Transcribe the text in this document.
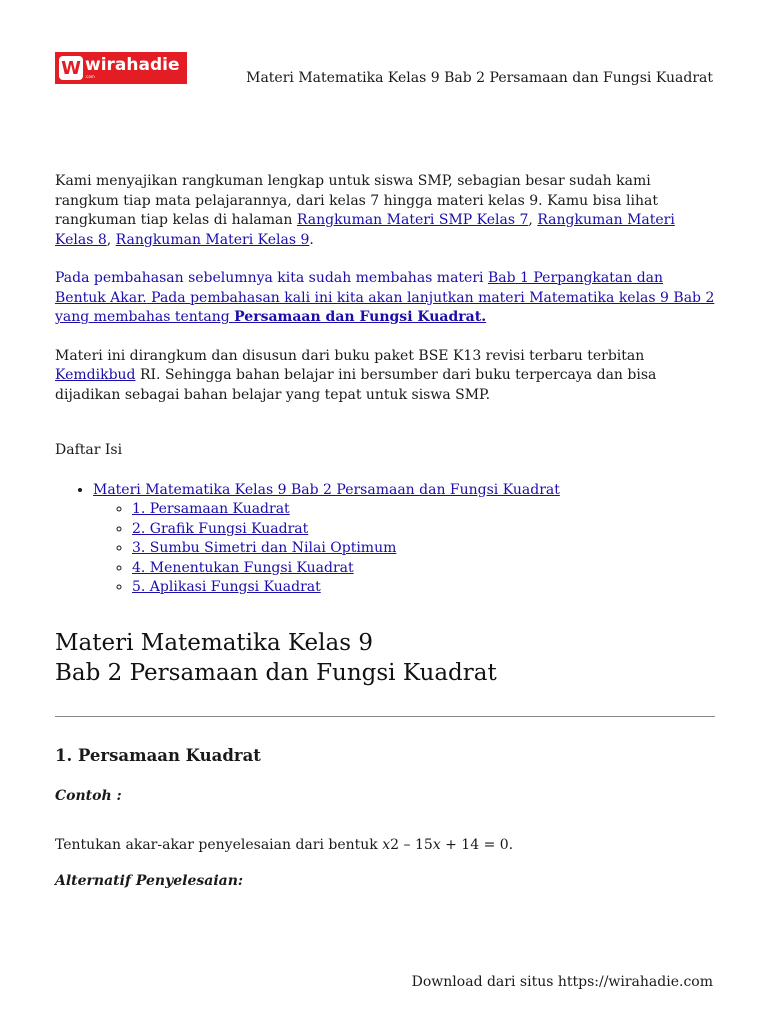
W wirahadie
.com	Materi Matematika Kelas 9 Bab 2 Persamaan dan Fungsi Kuadrat

Kami menyajikan rangkuman lengkap untuk siswa SMP, sebagian besar sudah kami rangkum tiap mata pelajarannya, dari kelas 7 hingga materi kelas 9. Kamu bisa lihat rangkuman tiap kelas di halaman Rangkuman Materi SMP Kelas 7, Rangkuman Materi Kelas 8, Rangkuman Materi Kelas 9.

Pada pembahasan sebelumnya kita sudah membahas materi Bab 1 Perpangkatan dan Bentuk Akar. Pada pembahasan kali ini kita akan lanjutkan materi Matematika kelas 9 Bab 2 yang membahas tentang Persamaan dan Fungsi Kuadrat.

Materi ini dirangkum dan disusun dari buku paket BSE K13 revisi terbaru terbitan Kemdikbud RI. Sehingga bahan belajar ini bersumber dari buku terpercaya dan bisa dijadikan sebagai bahan belajar yang tepat untuk siswa SMP.

Daftar Isi

• Materi Matematika Kelas 9 Bab 2 Persamaan dan Fungsi Kuadrat
◦ 1. Persamaan Kuadrat
◦ 2. Grafik Fungsi Kuadrat
◦ 3. Sumbu Simetri dan Nilai Optimum
◦ 4. Menentukan Fungsi Kuadrat
◦ 5. Aplikasi Fungsi Kuadrat
Materi Matematika Kelas 9
Bab 2 Persamaan dan Fungsi Kuadrat
1. Persamaan Kuadrat

Contoh :

Tentukan akar-akar penyelesaian dari bentuk x2 – 15x + 14 = 0.

Alternatif Penyelesaian:

Download dari situs https://wirahadie.com
